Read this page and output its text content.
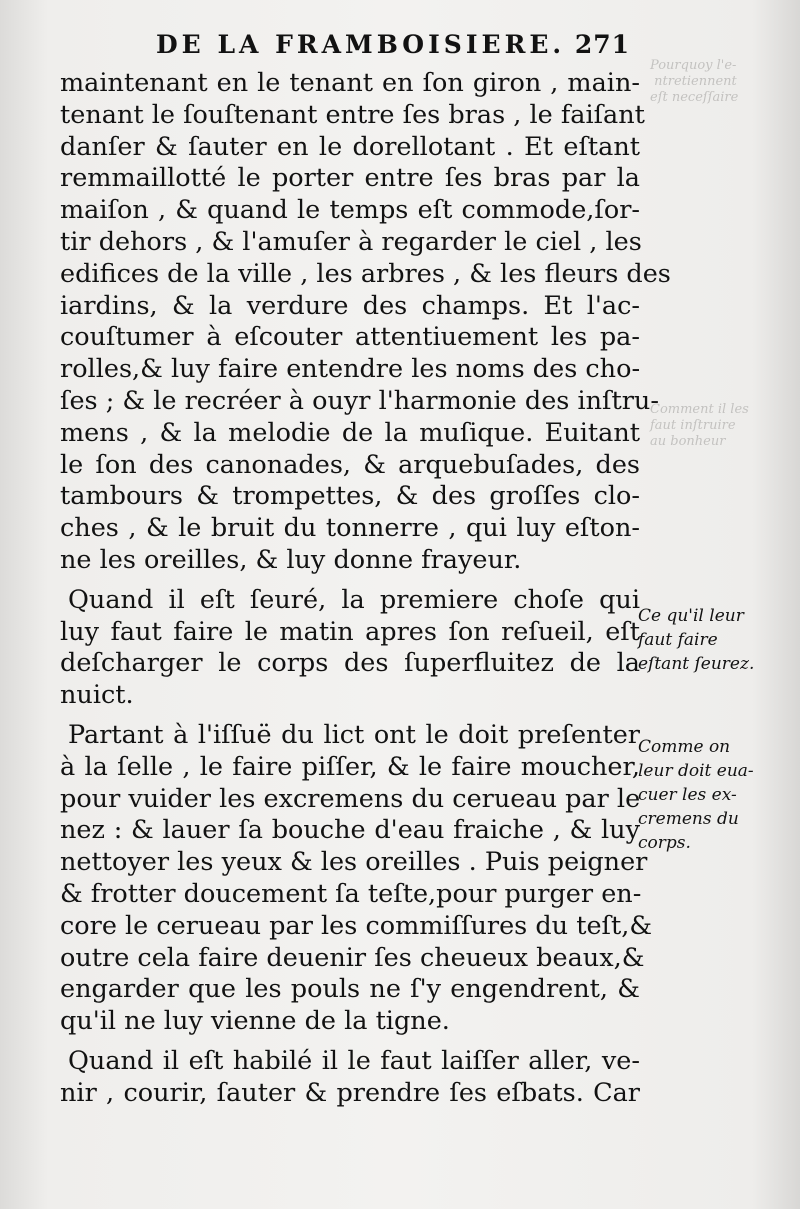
Pourquoy l'e-
ntretiennent
eſt neceſſaire
Comment il les
faut inſtruire
au bonheur
DE LA FRAMBOISIERE. 271
maintenant en le tenant en ſon giron , main-
tenant le ſouſtenant entre ſes bras , le faiſant
danſer & ſauter en le dorellotant . Et eſtant
remmaillotté le porter entre ſes bras par la
maiſon , & quand le temps eſt commode,ſor-
tir dehors , & l'amuſer à regarder le ciel , les
edifices de la ville , les arbres , & les fleurs des
iardins, & la verdure des champs. Et l'ac-
couſtumer à eſcouter attentiuement les pa-
rolles,& luy faire entendre les noms des cho-
ſes ; & le recréer à ouyr l'harmonie des inſtru-
mens , & la melodie de la muſique. Euitant
le ſon des canonades, & arquebuſades, des
tambours & trompettes, & des groſſes clo-
ches , & le bruit du tonnerre , qui luy eſton-
ne les oreilles, & luy donne frayeur.
Quand il eſt ſeuré, la premiere choſe qui
luy faut faire le matin apres ſon reſueil, eſt
deſcharger le corps des ſuperfluitez de la
nuict.
Partant à l'iſſuë du lict ont le doit preſenter
à la ſelle , le faire piſſer, & le faire moucher,
pour vuider les excremens du cerueau par le
nez : & lauer ſa bouche d'eau fraiche , & luy
nettoyer les yeux & les oreilles . Puis peigner
& frotter doucement ſa teſte,pour purger en-
core le cerueau par les commiſſures du teſt,&
outre cela faire deuenir ſes cheueux beaux,&
engarder que les pouls ne ſ'y engendrent, &
qu'il ne luy vienne de la tigne.
Quand il eſt habilé il le faut laiſſer aller, ve-
nir , courir, ſauter & prendre ſes eſbats. Car
Ce qu'il leur
faut faire
eſtant ſeurez.
Comme on
leur doit eua-
cuer les ex-
cremens du
corps.
